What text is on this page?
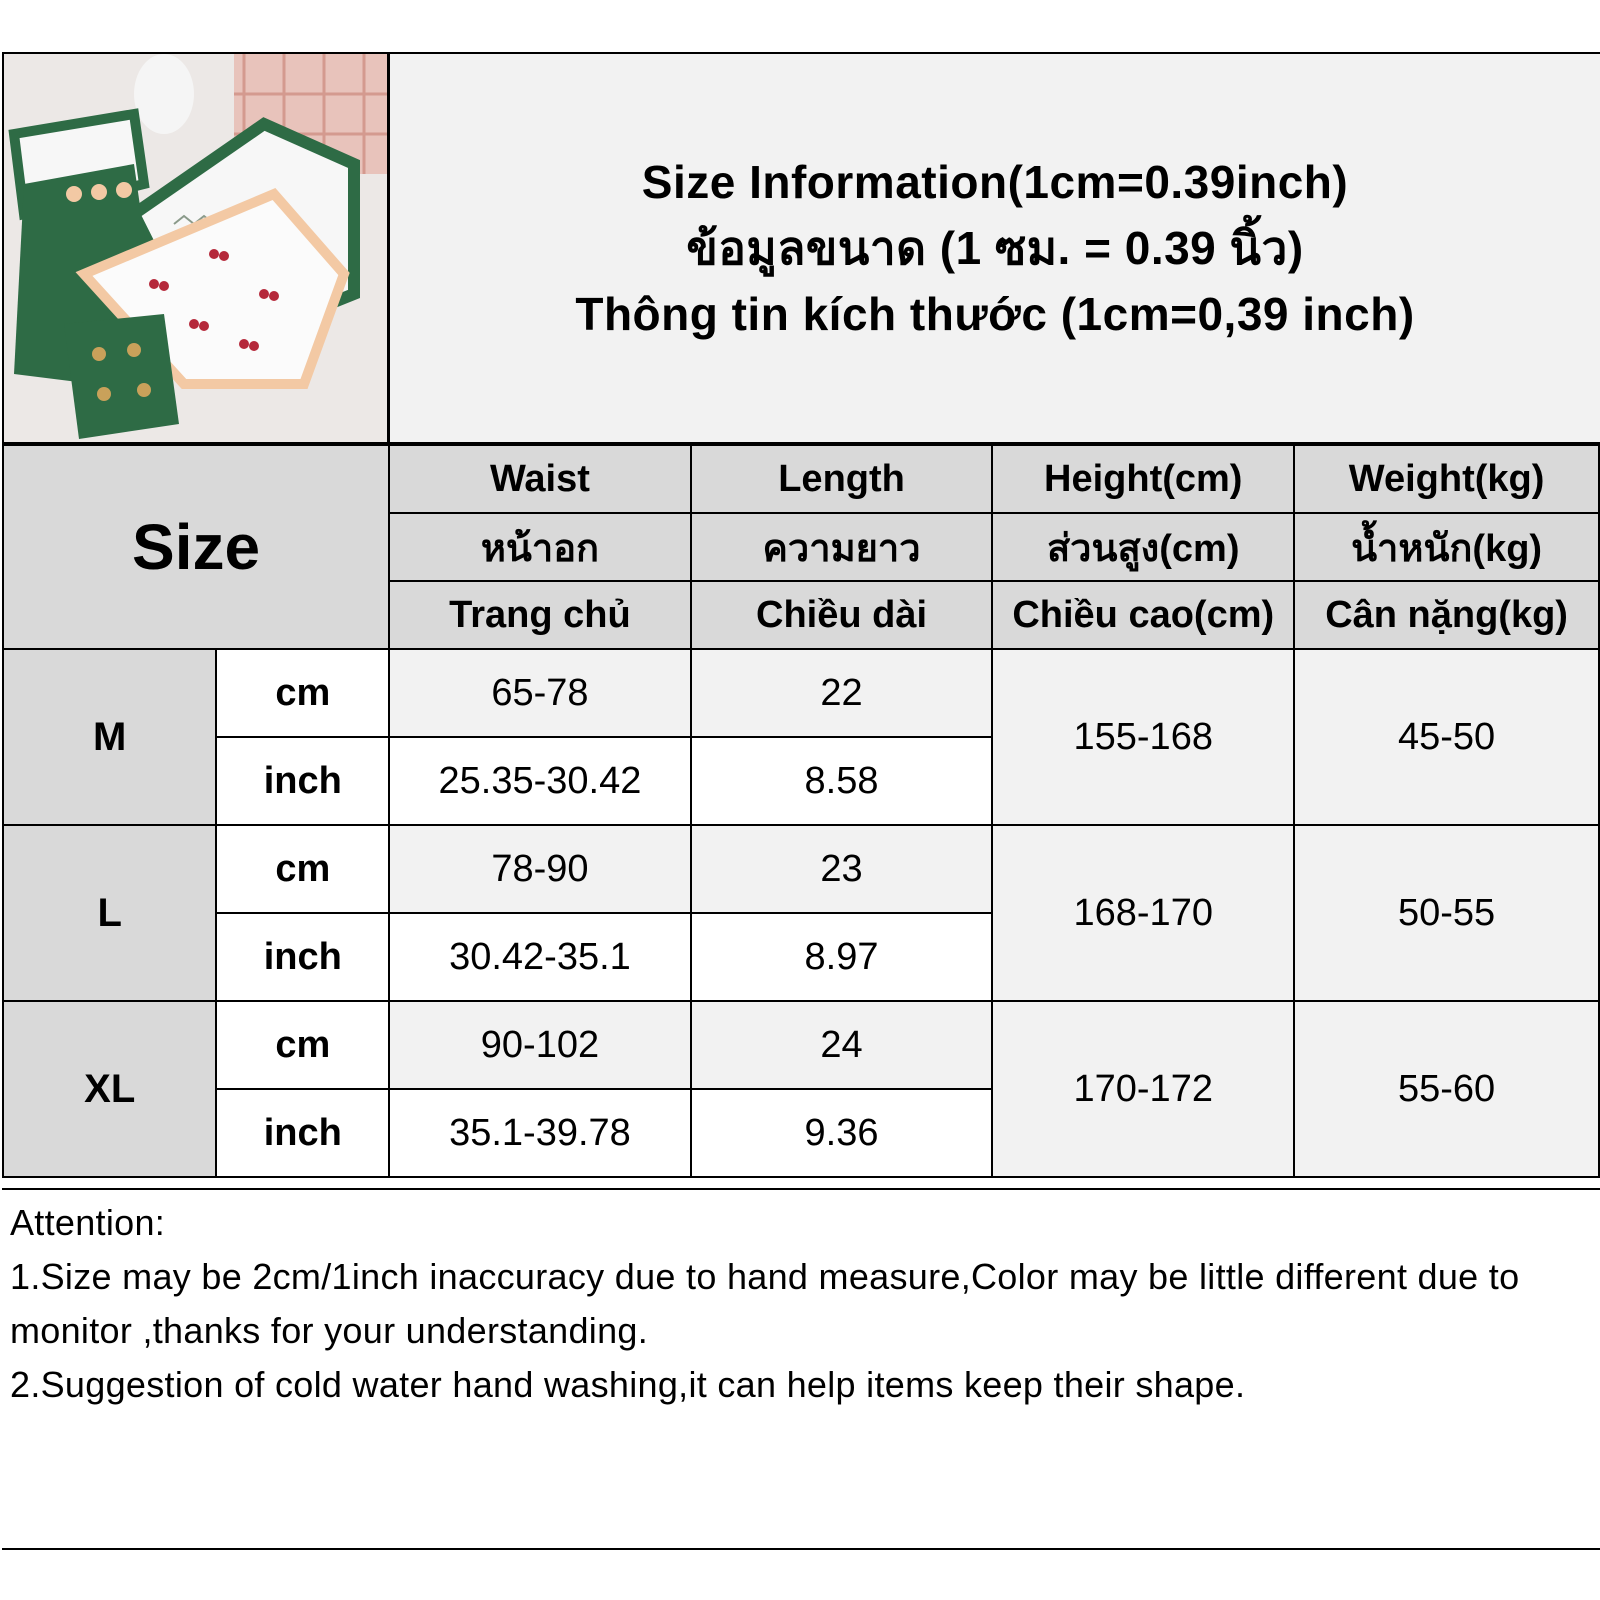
Size Information(1cm=0.39inch)
ข้อมูลขนาด (1 ซม. = 0.39 นิ้ว)
Thông tin kích thước (1cm=0,39 inch)
Size		Waist	Length	Height(cm)	Weight(kg)
		หน้าอก	ความยาว	ส่วนสูง(cm)	น้ำหนัก(kg)
		Trang chủ	Chiều dài	Chiều cao(cm)	Cân nặng(kg)
M	cm	65-78	22	155-168	45-50
	inch	25.35-30.42	8.58		
L	cm	78-90	23	168-170	50-55
	inch	30.42-35.1	8.97		
XL	cm	90-102	24	170-172	55-60
	inch	35.1-39.78	9.36		

Attention:

1.Size may be 2cm/1inch inaccuracy due to hand measure,Color may be little different due to monitor ,thanks for your understanding.

2.Suggestion of cold water hand washing,it can help items keep their shape.
